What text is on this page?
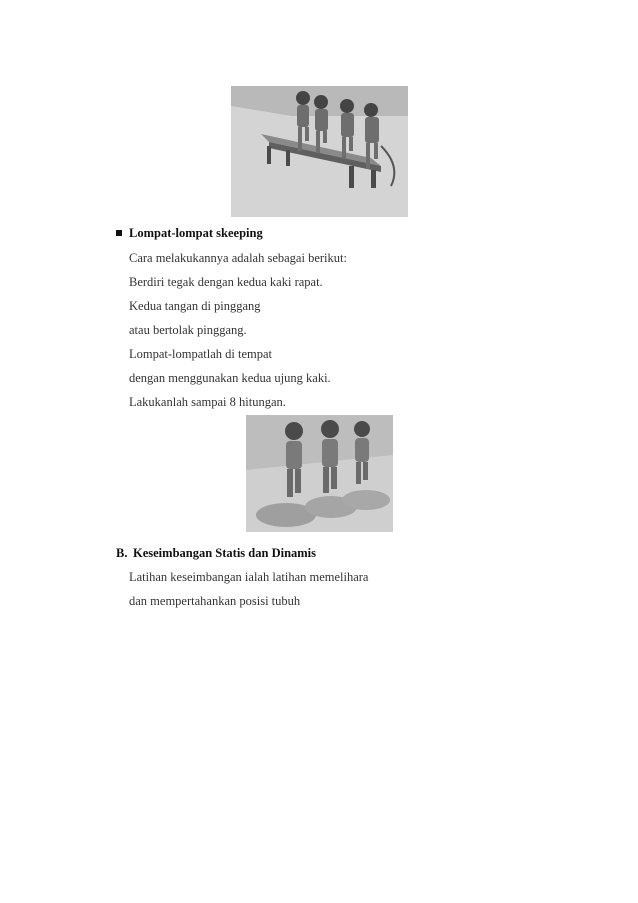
Lompat-lompat skeeping
Cara melakukannya adalah sebagai berikut:
Berdiri tegak dengan kedua kaki rapat.
Kedua tangan di pinggang
atau bertolak pinggang.
Lompat-lompatlah di tempat
dengan menggunakan kedua ujung kaki.
Lakukanlah sampai 8 hitungan.
B. Keseimbangan Statis dan Dinamis
Latihan keseimbangan ialah latihan memelihara
dan mempertahankan posisi tubuh
